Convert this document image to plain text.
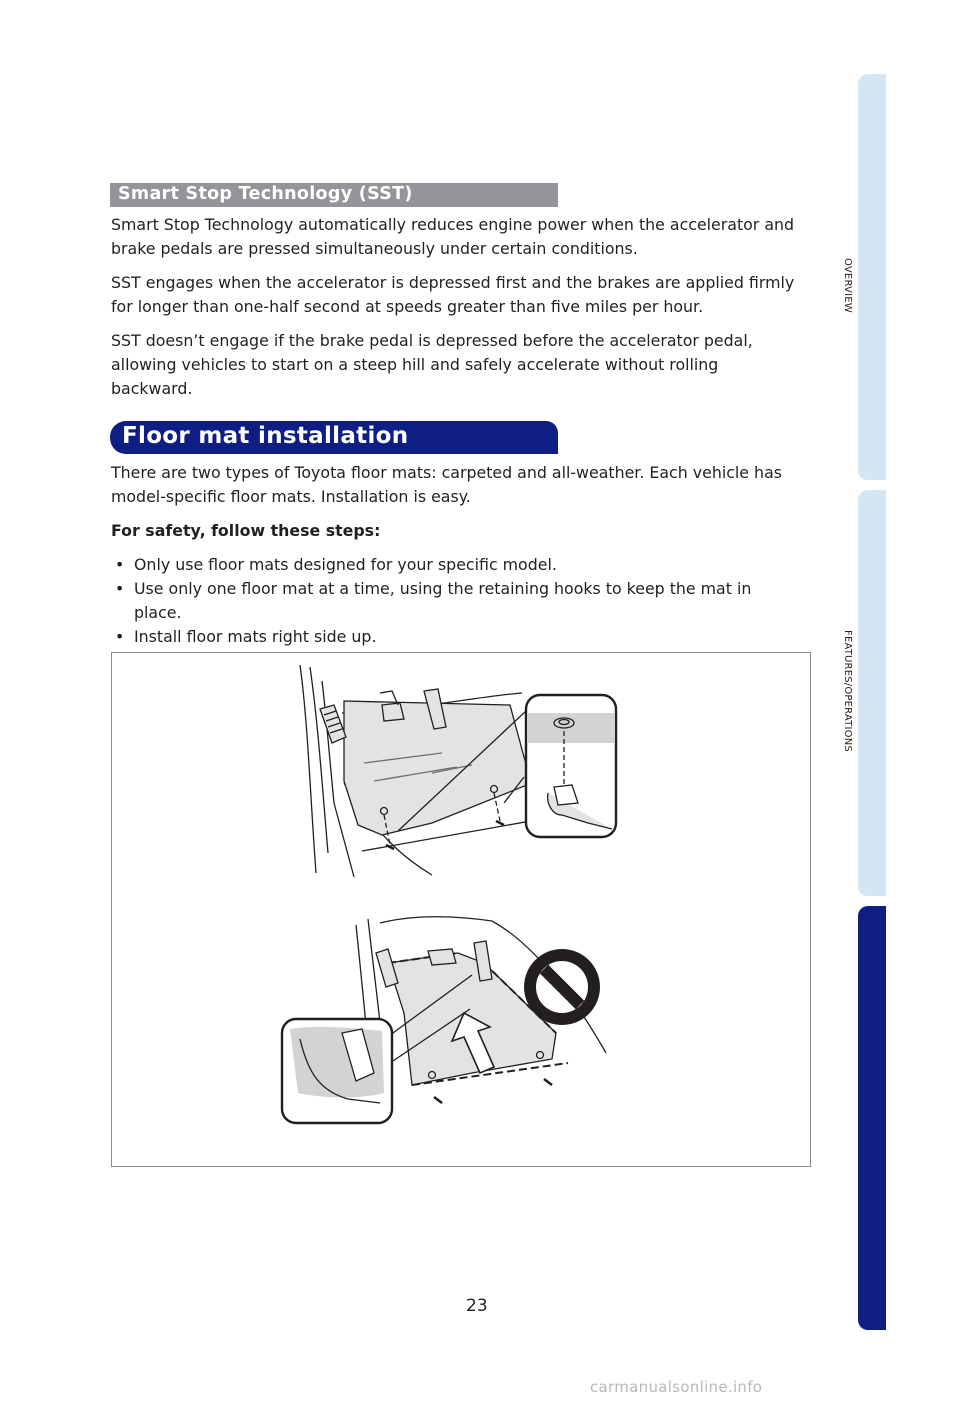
OVERVIEW
FEATURES/OPERATIONS
SAFETY AND EMERGENCY FEATURES
Smart Stop Technology (SST)

Smart Stop Technology automatically reduces engine power when the accelerator and brake pedals are pressed simultaneously under certain conditions.

SST engages when the accelerator is depressed first and the brakes are applied firmly for longer than one-half second at speeds greater than five miles per hour.

SST doesn’t engage if the brake pedal is depressed before the accelerator pedal, allowing vehicles to start on a steep hill and safely accelerate without rolling backward.

Floor mat installation

There are two types of Toyota floor mats: carpeted and all-weather. Each vehicle has model-specific floor mats. Installation is easy.

For safety, follow these steps:

• Only use floor mats designed for your specific model.
• Use only one floor mat at a time, using the retaining hooks to keep the mat in place.
• Install floor mats right side up.
23
carmanualsonline.info
